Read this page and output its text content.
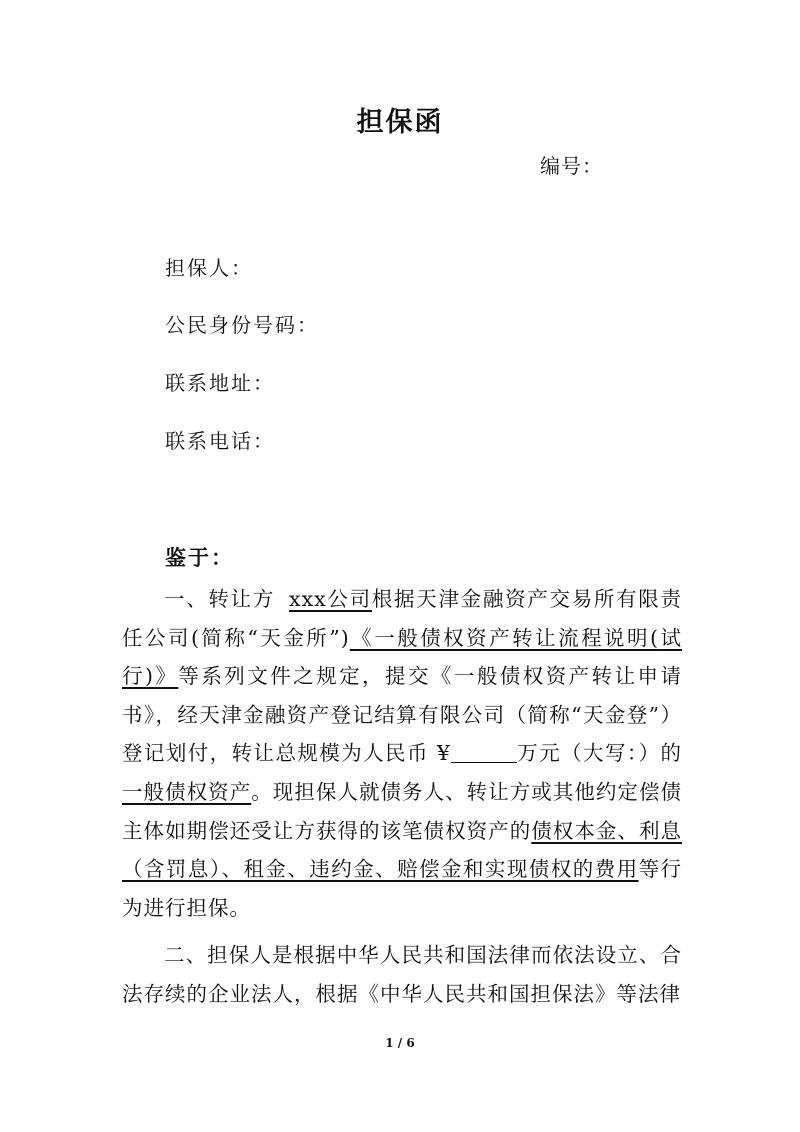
担保函
编号：
担保人：
公民身份号码：
联系地址：
联系电话：
鉴于：

一、转让方 xxx公司根据天津金融资产交易所有限责任公司(简称“天金所”)《一般债权资产转让流程说明(试行)》等系列文件之规定，提交《一般债权资产转让申请书》，经天津金融资产登记结算有限公司（简称“天金登”）登记划付，转让总规模为人民币 ¥	万元（大写：）的一般债权资产。现担保人就债务人、转让方或其他约定偿债主体如期偿还受让方获得的该笔债权资产的债权本金、利息（含罚息）、租金、违约金、赔偿金和实现债权的费用等行为进行担保。

二、担保人是根据中华人民共和国法律而依法设立、合法存续的企业法人，根据《中华人民共和国担保法》等法律

1 / 6
